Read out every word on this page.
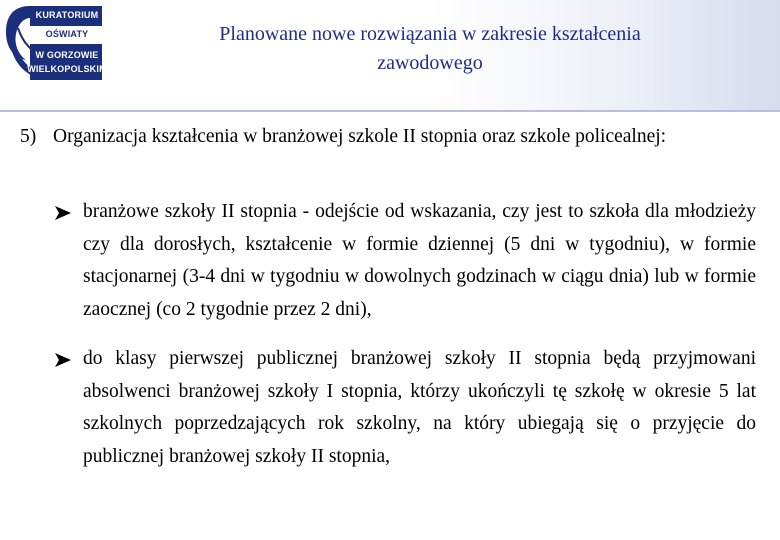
KURATORIUM
OŚWIATY
W GORZOWIE
WIELKOPOLSKIM
Planowane nowe rozwiązania w zakresie kształcenia
zawodowego
5) Organizacja kształcenia w branżowej szkole II stopnia oraz szkole policealnej:
branżowe szkoły II stopnia - odejście od wskazania, czy jest to szkoła dla młodzieży czy dla dorosłych, kształcenie w formie dziennej (5 dni w tygodniu), w formie stacjonarnej (3-4 dni w tygodniu w dowolnych godzinach w ciągu dnia) lub w formie zaocznej (co 2 tygodnie przez 2 dni),
do klasy pierwszej publicznej branżowej szkoły II stopnia będą przyjmowani absolwenci branżowej szkoły I stopnia, którzy ukończyli tę szkołę w okresie 5 lat szkolnych poprzedzających rok szkolny, na który ubiegają się o przyjęcie do publicznej branżowej szkoły II stopnia,
